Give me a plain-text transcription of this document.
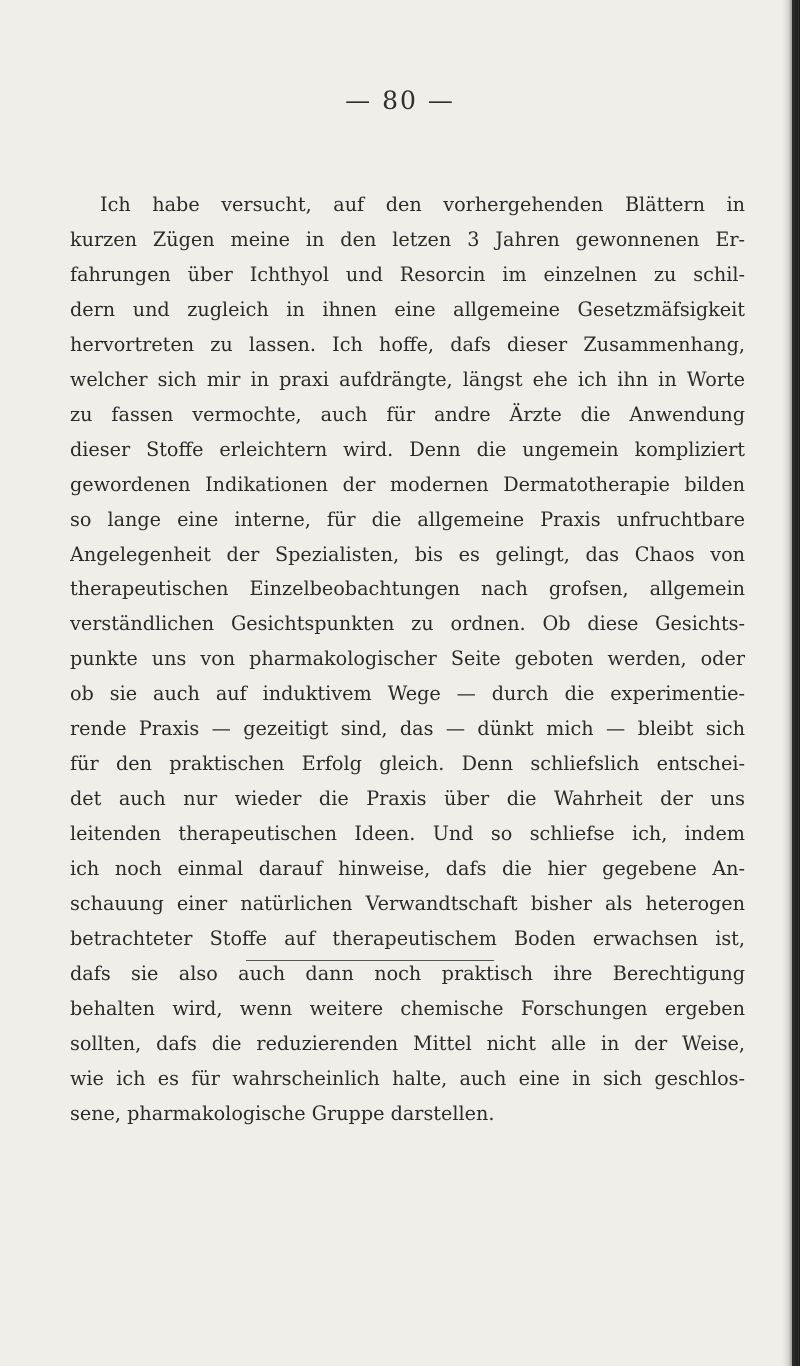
— 80 —

Ich habe versucht, auf den vorhergehenden Blättern in
kurzen Zügen meine in den letzen 3 Jahren gewonnenen Er-
fahrungen über Ichthyol und Resorcin im einzelnen zu schil-
dern und zugleich in ihnen eine allgemeine Gesetzmäfsigkeit
hervortreten zu lassen. Ich hoffe, dafs dieser Zusammenhang,
welcher sich mir in praxi aufdrängte, längst ehe ich ihn in Worte
zu fassen vermochte, auch für andre Ärzte die Anwendung
dieser Stoffe erleichtern wird. Denn die ungemein kompliziert
gewordenen Indikationen der modernen Dermatotherapie bilden
so lange eine interne, für die allgemeine Praxis unfruchtbare
Angelegenheit der Spezialisten, bis es gelingt, das Chaos von
therapeutischen Einzelbeobachtungen nach grofsen, allgemein
verständlichen Gesichtspunkten zu ordnen. Ob diese Gesichts-
punkte uns von pharmakologischer Seite geboten werden, oder
ob sie auch auf induktivem Wege — durch die experimentie-
rende Praxis — gezeitigt sind, das — dünkt mich — bleibt sich
für den praktischen Erfolg gleich. Denn schliefslich entschei-
det auch nur wieder die Praxis über die Wahrheit der uns
leitenden therapeutischen Ideen. Und so schliefse ich, indem
ich noch einmal darauf hinweise, dafs die hier gegebene An-
schauung einer natürlichen Verwandtschaft bisher als heterogen
betrachteter Stoffe auf therapeutischem Boden erwachsen ist,
dafs sie also auch dann noch praktisch ihre Berechtigung
behalten wird, wenn weitere chemische Forschungen ergeben
sollten, dafs die reduzierenden Mittel nicht alle in der Weise,
wie ich es für wahrscheinlich halte, auch eine in sich geschlos-
sene, pharmakologische Gruppe darstellen.
